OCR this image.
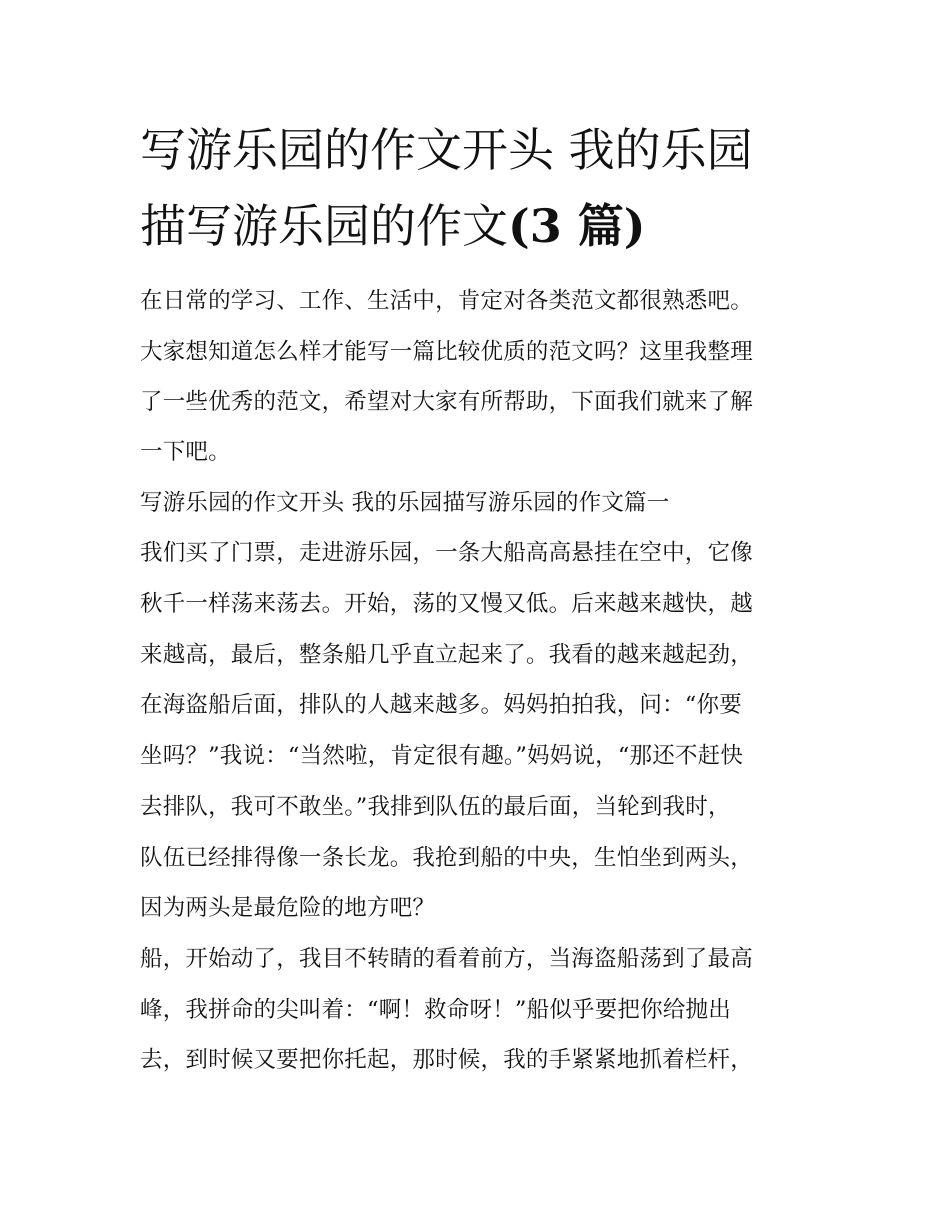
写游乐园的作文开头 我的乐园
描写游乐园的作文(3 篇)
在日常的学习、工作、生活中，肯定对各类范文都很熟悉吧。
大家想知道怎么样才能写一篇比较优质的范文吗？这里我整理
了一些优秀的范文，希望对大家有所帮助，下面我们就来了解
一下吧。
写游乐园的作文开头 我的乐园描写游乐园的作文篇一
我们买了门票，走进游乐园，一条大船高高悬挂在空中，它像
秋千一样荡来荡去。开始，荡的又慢又低。后来越来越快，越
来越高，最后，整条船几乎直立起来了。我看的越来越起劲，
在海盗船后面，排队的人越来越多。妈妈拍拍我，问：“你要
坐吗？”我说：“当然啦，肯定很有趣。”妈妈说，“那还不赶快
去排队，我可不敢坐。”我排到队伍的最后面，当轮到我时，
队伍已经排得像一条长龙。我抢到船的中央，生怕坐到两头，
因为两头是最危险的地方吧？
船，开始动了，我目不转睛的看着前方，当海盗船荡到了最高
峰，我拼命的尖叫着：“啊！救命呀！”船似乎要把你给抛出
去，到时候又要把你托起，那时候，我的手紧紧地抓着栏杆，
